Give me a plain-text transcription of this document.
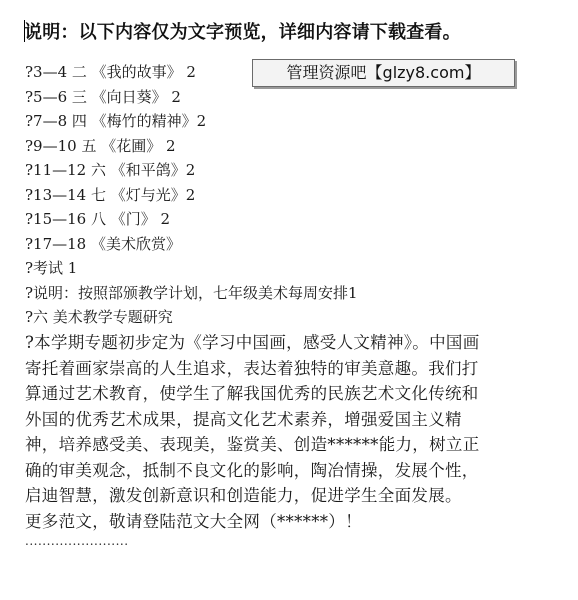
说明：以下内容仅为文字预览，详细内容请下载查看。
?3—4 二 《我的故事》 2
?5—6 三 《向日葵》 2
?7—8 四 《梅竹的精神》2
?9—10 五 《花圃》 2
?11—12 六 《和平鸽》2
?13—14 七 《灯与光》2
?15—16 八 《门》 2
?17—18 《美术欣赏》
?考试 1
?说明：按照部颁教学计划，七年级美术每周安排1
?六 美术教学专题研究
管理资源吧【glzy8.com】
?本学期专题初步定为《学习中国画，感受人文精神》。中国画
寄托着画家崇高的人生追求，表达着独特的审美意趣。我们打
算通过艺术教育，使学生了解我国优秀的民族艺术文化传统和
外国的优秀艺术成果，提高文化艺术素养，增强爱国主义精
神，培养感受美、表现美，鉴赏美、创造******能力，树立正
确的审美观念，抵制不良文化的影响，陶冶情操，发展个性，
启迪智慧，激发创新意识和创造能力，促进学生全面发展。
更多范文，敬请登陆范文大全网（******）！
........................
